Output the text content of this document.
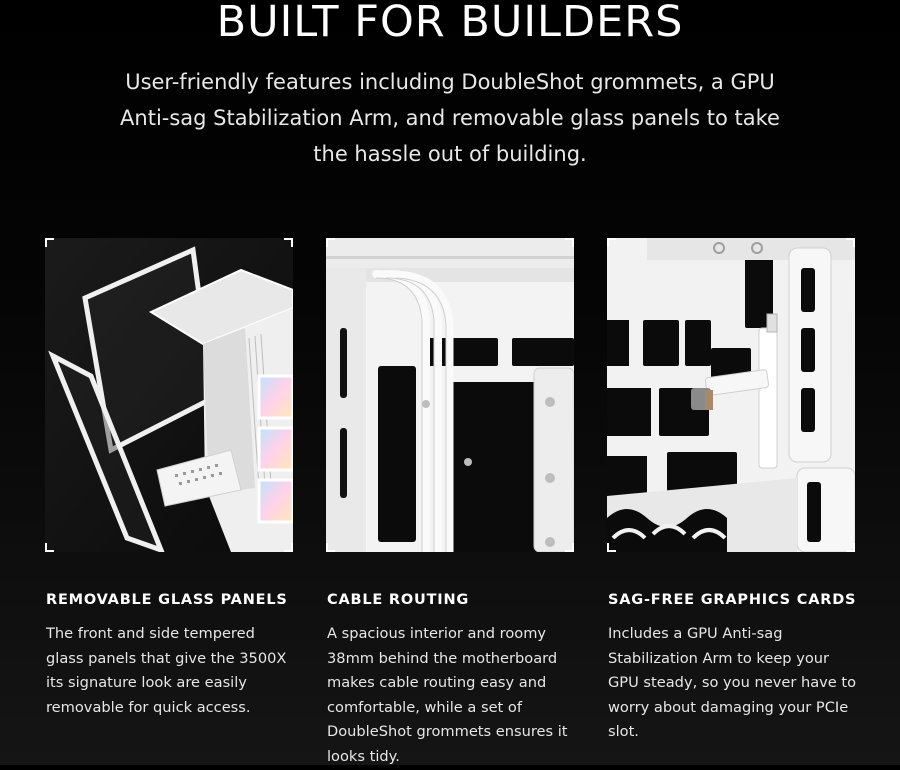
BUILT FOR BUILDERS

User-friendly features including DoubleShot grommets, a GPU Anti-sag Stabilization Arm, and removable glass panels to take the hassle out of building.

REMOVABLE GLASS PANELS
The front and side tempered glass panels that give the 3500X its signature look are easily removable for quick access.
CABLE ROUTING
A spacious interior and roomy 38mm behind the motherboard makes cable routing easy and comfortable, while a set of DoubleShot grommets ensures it looks tidy.
SAG-FREE GRAPHICS CARDS
Includes a GPU Anti-sag Stabilization Arm to keep your GPU steady, so you never have to worry about damaging your PCIe slot.
